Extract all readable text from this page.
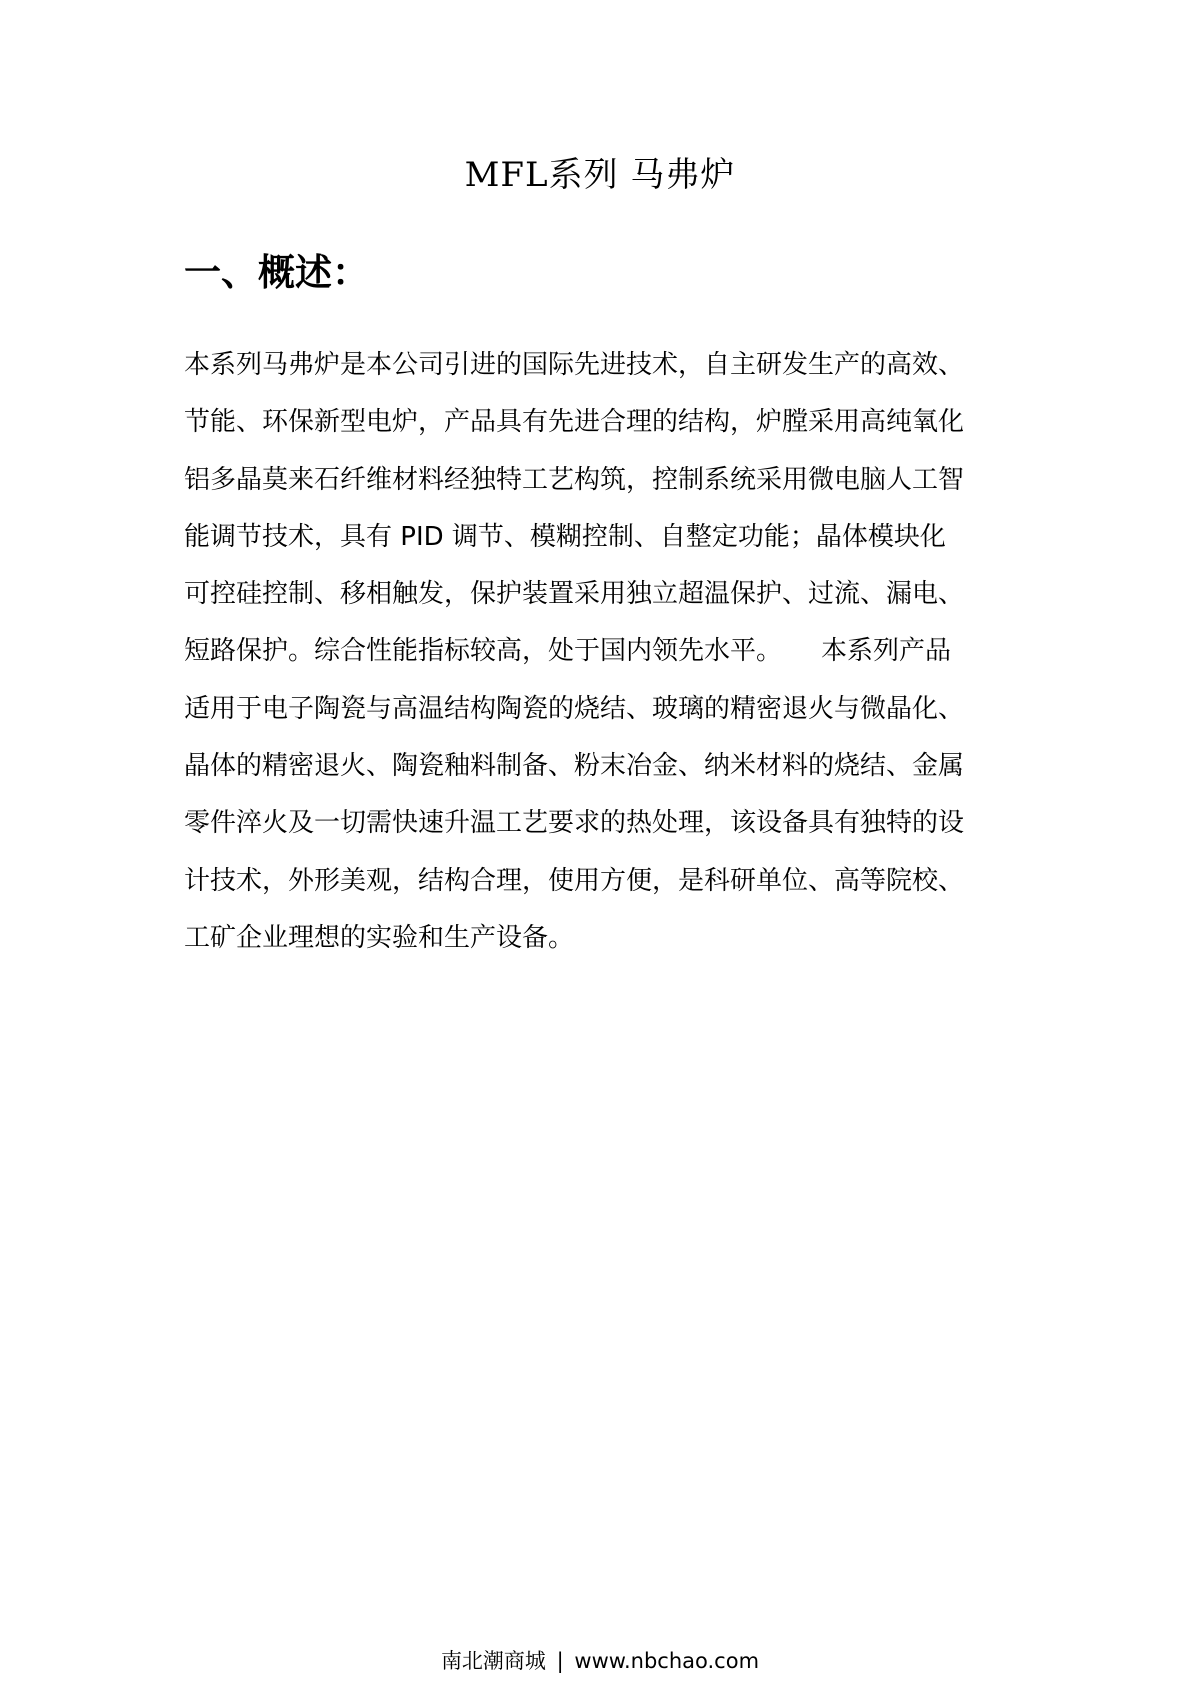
MFL系列 马弗炉
一、概述：
本系列马弗炉是本公司引进的国际先进技术，自主研发生产的高效、
节能、环保新型电炉，产品具有先进合理的结构，炉膛采用高纯氧化
铝多晶莫来石纤维材料经独特工艺构筑，控制系统采用微电脑人工智
能调节技术，具有 PID 调节、模糊控制、自整定功能；晶体模块化
可控硅控制、移相触发，保护装置采用独立超温保护、过流、漏电、
短路保护。综合性能指标较高，处于国内领先水平。　　本系列产品
适用于电子陶瓷与高温结构陶瓷的烧结、玻璃的精密退火与微晶化、
晶体的精密退火、陶瓷釉料制备、粉末冶金、纳米材料的烧结、金属
零件淬火及一切需快速升温工艺要求的热处理，该设备具有独特的设
计技术，外形美观，结构合理，使用方便，是科研单位、高等院校、
工矿企业理想的实验和生产设备。
南北潮商城 | www.nbchao.com
